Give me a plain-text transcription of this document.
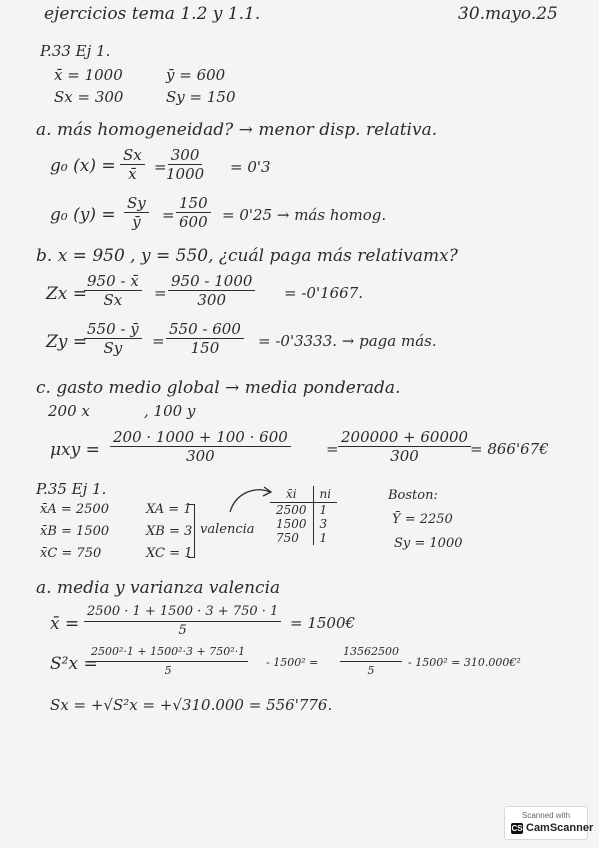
ejercicios tema 1.2 y 1.1.	30.mayo.25
P.33 Ej 1.
x̄ = 1000	ȳ = 600
Sx = 300	Sy = 150
a. más homogeneidad? → menor disp. relativa.
g₀ $(x) = \frac{Sx}{x̄} = \frac{300}{1000} = 0'3$
g₀ $(y) = \frac{Sy}{ȳ} = \frac{150}{600} = 0'25$ → más homog.
b. x = 950 , y = 550, ¿cuál paga más relativamx?
Zx =
$\frac{950 - x̄}{Sx} = \frac{950 - 1000}{300} = -0'1667$.
Zy =
$\frac{550 - ȳ}{Sy} = \frac{550 - 600}{150} = -0'3333$. → paga más.
c. gasto medio global → media ponderada.
200 x	, 100 y
$\mu xy = \frac{200 \cdot 1000 + 100 \cdot 600}{300} = \frac{200000 + 60000}{300}$
= 866'67€
P.35 Ej 1.
x̄A = 2500
x̄B = 1500
x̄C = 750
XA = 1
XB = 3
XC = 1
valencia
x̄i	ni
2500	1
1500	3
750	1
Boston:
Ȳ = 2250
Sy = 1000
a. media y varianza valencia
x̄ = $\frac{2500 \cdot 1 + 1500 \cdot 3 + 750 \cdot 1}{5}$ = 1500€
S²x =
$\frac{\text{2500²·1 + 1500²·3 + 750²·1}}{5} - 1500^2 = \frac{13562500}{5} - 1500^2$ = 310.000€²
Sx = +√S²x = +√310.000 = 556'776.
Scanned with
CS CamScanner
